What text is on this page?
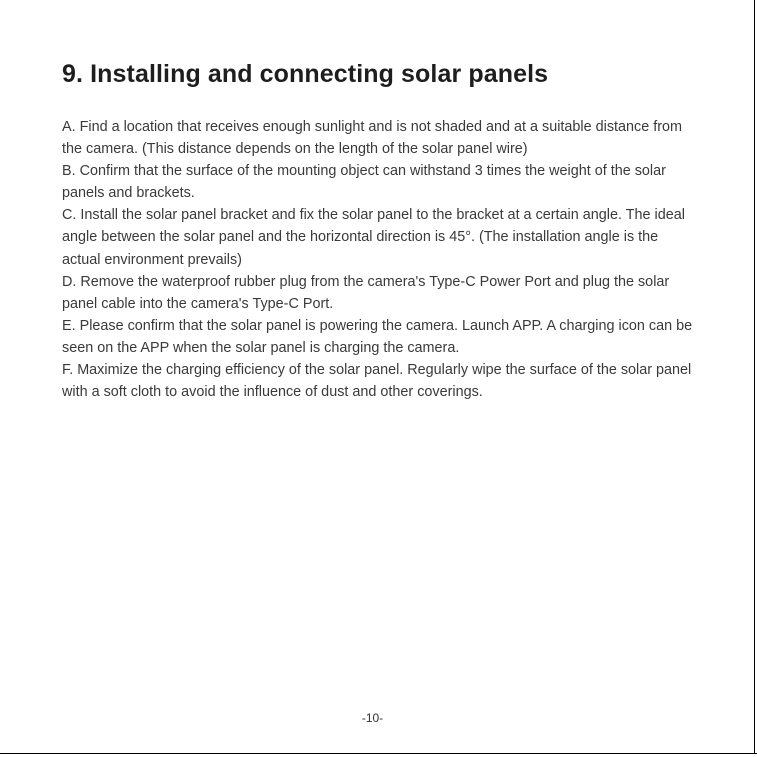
9. Installing and connecting solar panels

A. Find a location that receives enough sunlight and is not shaded and at a suitable distance from the camera. (This distance depends on the length of the solar panel wire)

B. Confirm that the surface of the mounting object can withstand 3 times the weight of the solar panels and brackets.

C. Install the solar panel bracket and fix the solar panel to the bracket at a certain angle. The ideal angle between the solar panel and the horizontal direction is 45°. (The installation angle is the actual environment prevails)

D. Remove the waterproof rubber plug from the camera's Type-C Power Port and plug the solar panel cable into the camera's Type-C Port.

E. Please confirm that the solar panel is powering the camera. Launch APP. A charging icon can be seen on the APP when the solar panel is charging the camera.

F. Maximize the charging efficiency of the solar panel. Regularly wipe the surface of the solar panel with a soft cloth to avoid the influence of dust and other coverings.

-10-
